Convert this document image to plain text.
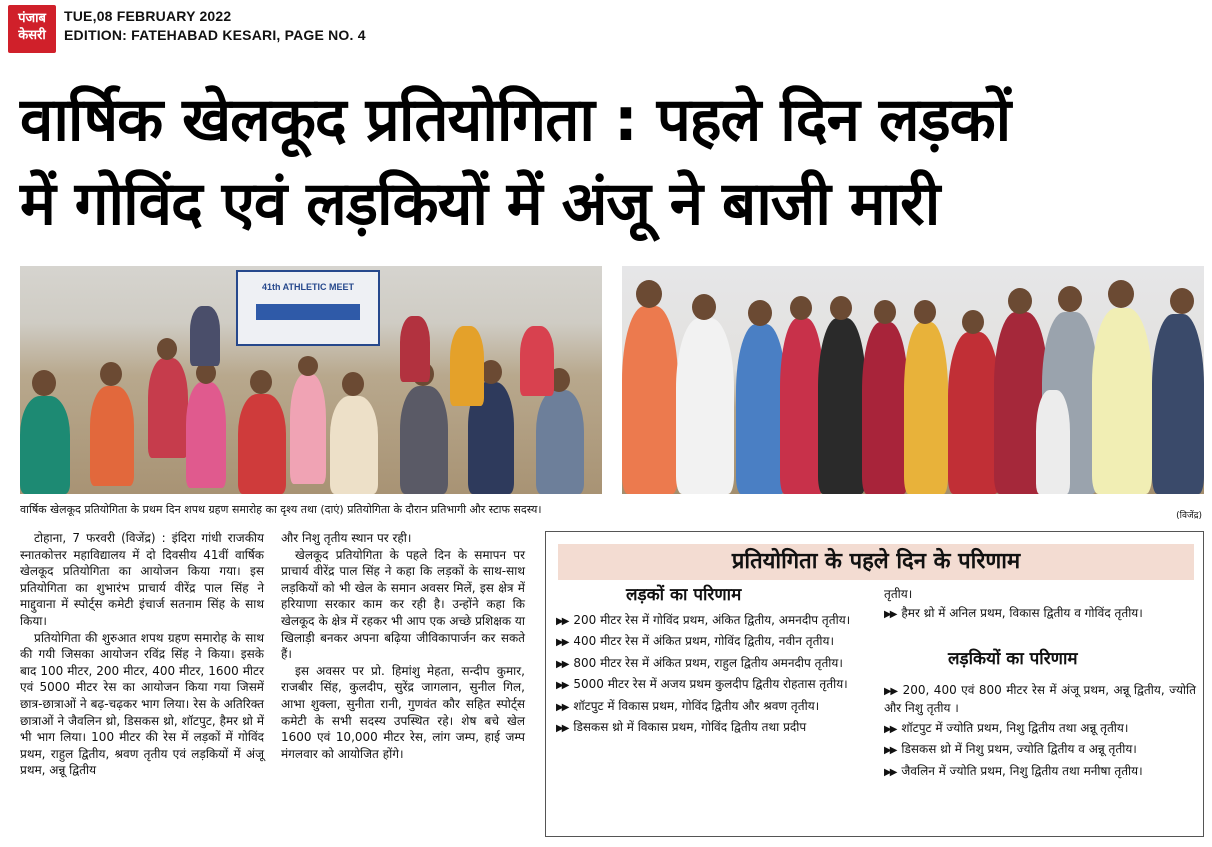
पंजाब
केसरी
TUE,08 FEBRUARY 2022
EDITION: FATEHABAD KESARI, PAGE NO. 4
वार्षिक खेलकूद प्रतियोगिता : पहले दिन लड़कों
में गोविंद एवं लड़कियों में अंजू ने बाजी मारी
41th ATHLETIC MEET
वार्षिक खेलकूद प्रतियोगिता के प्रथम दिन शपथ ग्रहण समारोह का दृश्य तथा (दाएं) प्रतियोगिता के दौरान प्रतिभागी और स्टाफ सदस्य।	(विजेंद्र)

टोहाना, 7 फरवरी (विजेंद्र) : इंदिरा गांधी राजकीय स्नातकोत्तर महाविद्यालय में दो दिवसीय 41वीं वार्षिक खेलकूद प्रतियोगिता का आयोजन किया गया। इस प्रतियोगिता का शुभारंभ प्राचार्य वीरेंद्र पाल सिंह ने माद्दुवाना में स्पोर्ट्स कमेटी इंचार्ज सतनाम सिंह के साथ किया।

प्रतियोगिता की शुरुआत शपथ ग्रहण समारोह के साथ की गयी जिसका आयोजन रविंद्र सिंह ने किया। इसके बाद 100 मीटर, 200 मीटर, 400 मीटर, 1600 मीटर एवं 5000 मीटर रेस का आयोजन किया गया जिसमें छात्र-छात्राओं ने बढ़-चढ़कर भाग लिया। रेस के अतिरिक्त छात्राओं ने जैवलिन थ्रो, डिसकस थ्रो, शॉटपुट, हैमर थ्रो में भी भाग लिया। 100 मीटर की रेस में लड़कों में गोविंद प्रथम, राहुल द्वितीय, श्रवण तृतीय एवं लड़कियों में अंजू प्रथम, अन्नू द्वितीय

और निशु तृतीय स्थान पर रही।

खेलकूद प्रतियोगिता के पहले दिन के समापन पर प्राचार्य वीरेंद्र पाल सिंह ने कहा कि लड़कों के साथ-साथ लड़कियों को भी खेल के समान अवसर मिलें, इस क्षेत्र में हरियाणा सरकार काम कर रही है। उन्होंने कहा कि खेलकूद के क्षेत्र में रहकर भी आप एक अच्छे प्रशिक्षक या खिलाड़ी बनकर अपना बढ़िया जीविकापार्जन कर सकते हैं।

इस अवसर पर प्रो. हिमांशु मेहता, सन्दीप कुमार, राजबीर सिंह, कुलदीप, सुरेंद्र जागलान, सुनील गिल, आभा शुक्ला, सुनीता रानी, गुणवंत कौर सहित स्पोर्ट्स कमेटी के सभी सदस्य उपस्थित रहे। शेष बचे खेल 1600 एवं 10,000 मीटर रेस, लांग जम्प, हाई जम्प मंगलवार को आयोजित होंगे।

प्रतियोगिता के पहले दिन के परिणाम
लड़कों का परिणाम

▶▶ 200 मीटर रेस में गोविंद प्रथम, अंकित द्वितीय, अमनदीप तृतीय।

▶▶ 400 मीटर रेस में अंकित प्रथम, गोविंद द्वितीय, नवीन तृतीय।

▶▶ 800 मीटर रेस में अंकित प्रथम, राहुल द्वितीय अमनदीप तृतीय।

▶▶ 5000 मीटर रेस में अजय प्रथम कुलदीप द्वितीय रोहतास तृतीय।

▶▶ शॉटपुट में विकास प्रथम, गोविंद द्वितीय और श्रवण तृतीय।

▶▶ डिसकस थ्रो में विकास प्रथम, गोविंद द्वितीय तथा प्रदीप

तृतीय।

▶▶ हैमर थ्रो में अनिल प्रथम, विकास द्वितीय व गोविंद तृतीय।

लड़कियों का परिणाम

▶▶ 200, 400 एवं 800 मीटर रेस में अंजू प्रथम, अन्नू द्वितीय, ज्योति और निशु तृतीय ।

▶▶ शॉटपुट में ज्योति प्रथम, निशु द्वितीय तथा अन्नू तृतीय।

▶▶ डिसकस थ्रो में निशु प्रथम, ज्योति द्वितीय व अन्नू तृतीय।

▶▶ जैवलिन में ज्योति प्रथम, निशु द्वितीय तथा मनीषा तृतीय।
